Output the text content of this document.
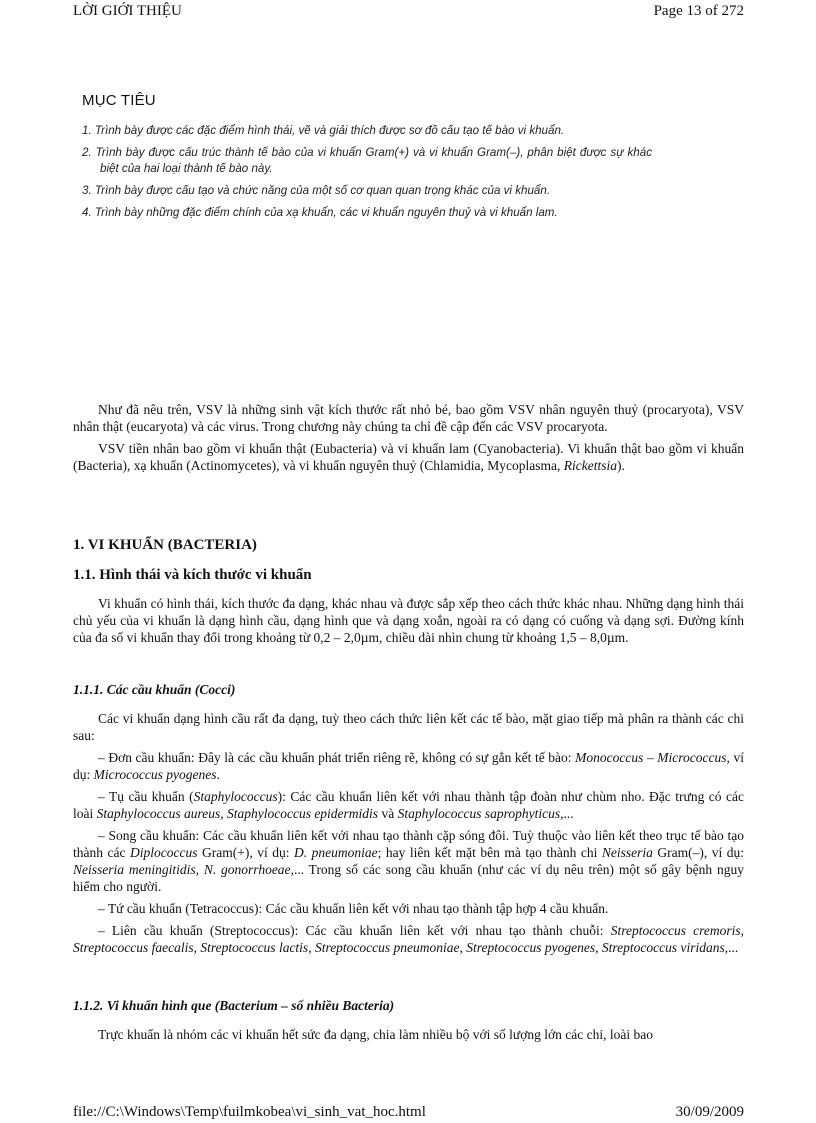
LỜI GIỚI THIỆU	Page 13 of 272
MỤC TIÊU
1. Trình bày được các đặc điểm hình thái, vẽ và giải thích được sơ đồ cấu tạo tế bào vi khuẩn.
2. Trình bày được cấu trúc thành tế bào của vi khuẩn Gram(+) và vi khuẩn Gram(–), phân biệt được sự khác biệt của hai loại thành tế bào này.
3. Trình bày được cấu tạo và chức năng của một số cơ quan quan trọng khác của vi khuẩn.
4. Trình bày những đặc điểm chính của xạ khuẩn, các vi khuẩn nguyên thuỷ và vi khuẩn lam.

Như đã nêu trên, VSV là những sinh vật kích thước rất nhỏ bé, bao gồm VSV nhân nguyên thuỷ (procaryota), VSV nhân thật (eucaryota) và các virus. Trong chương này chúng ta chỉ đề cập đến các VSV procaryota.

VSV tiền nhân bao gồm vi khuẩn thật (Eubacteria) và vi khuẩn lam (Cyanobacteria). Vi khuẩn thật bao gồm vi khuẩn (Bacteria), xạ khuẩn (Actinomycetes), và vi khuẩn nguyên thuỷ (Chlamidia, Mycoplasma, Rickettsia).

1. VI KHUẨN (BACTERIA)
1.1. Hình thái và kích thước vi khuẩn

Vi khuẩn có hình thái, kích thước đa dạng, khác nhau và được sắp xếp theo cách thức khác nhau. Những dạng hình thái chủ yếu của vi khuẩn là dạng hình cầu, dạng hình que và dạng xoắn, ngoài ra có dạng có cuống và dạng sợi. Đường kính của đa số vi khuẩn thay đổi trong khoảng từ 0,2 – 2,0µm, chiều dài nhìn chung từ khoảng 1,5 – 8,0µm.

1.1.1. Các cầu khuẩn (Cocci)

Các vi khuẩn dạng hình cầu rất đa dạng, tuỳ theo cách thức liên kết các tế bào, mặt giao tiếp mà phân ra thành các chi sau:

– Đơn cầu khuẩn: Đây là các cầu khuẩn phát triển riêng rẽ, không có sự gắn kết tế bào: Monococcus – Micrococcus, ví dụ: Micrococcus pyogenes.

– Tụ cầu khuẩn (Staphylococcus): Các cầu khuẩn liên kết với nhau thành tập đoàn như chùm nho. Đặc trưng có các loài Staphylococcus aureus, Staphylococcus epidermidis và Staphylococcus saprophyticus,...

– Song cầu khuẩn: Các cầu khuẩn liên kết với nhau tạo thành cặp sóng đôi. Tuỳ thuộc vào liên kết theo trục tế bào tạo thành các Diplococcus Gram(+), ví dụ: D. pneumoniae; hay liên kết mặt bên mà tạo thành chi Neisseria Gram(–), ví dụ: Neisseria meningitidis, N. gonorrhoeae,... Trong số các song cầu khuẩn (như các ví dụ nêu trên) một số gây bệnh nguy hiểm cho người.

– Tứ cầu khuẩn (Tetracoccus): Các cầu khuẩn liên kết với nhau tạo thành tập hợp 4 cầu khuẩn.

– Liên cầu khuẩn (Streptococcus): Các cầu khuẩn liên kết với nhau tạo thành chuỗi: Streptococcus cremoris, Streptococcus faecalis, Streptococcus lactis, Streptococcus pneumoniae, Streptococcus pyogenes, Streptococcus viridans,...

1.1.2. Vi khuẩn hình que (Bacterium – số nhiều Bacteria)

Trực khuẩn là nhóm các vi khuẩn hết sức đa dạng, chia làm nhiều bộ với số lượng lớn các chi, loài bao

file://C:\Windows\Temp\fuilmkobea\vi_sinh_vat_hoc.html	30/09/2009
